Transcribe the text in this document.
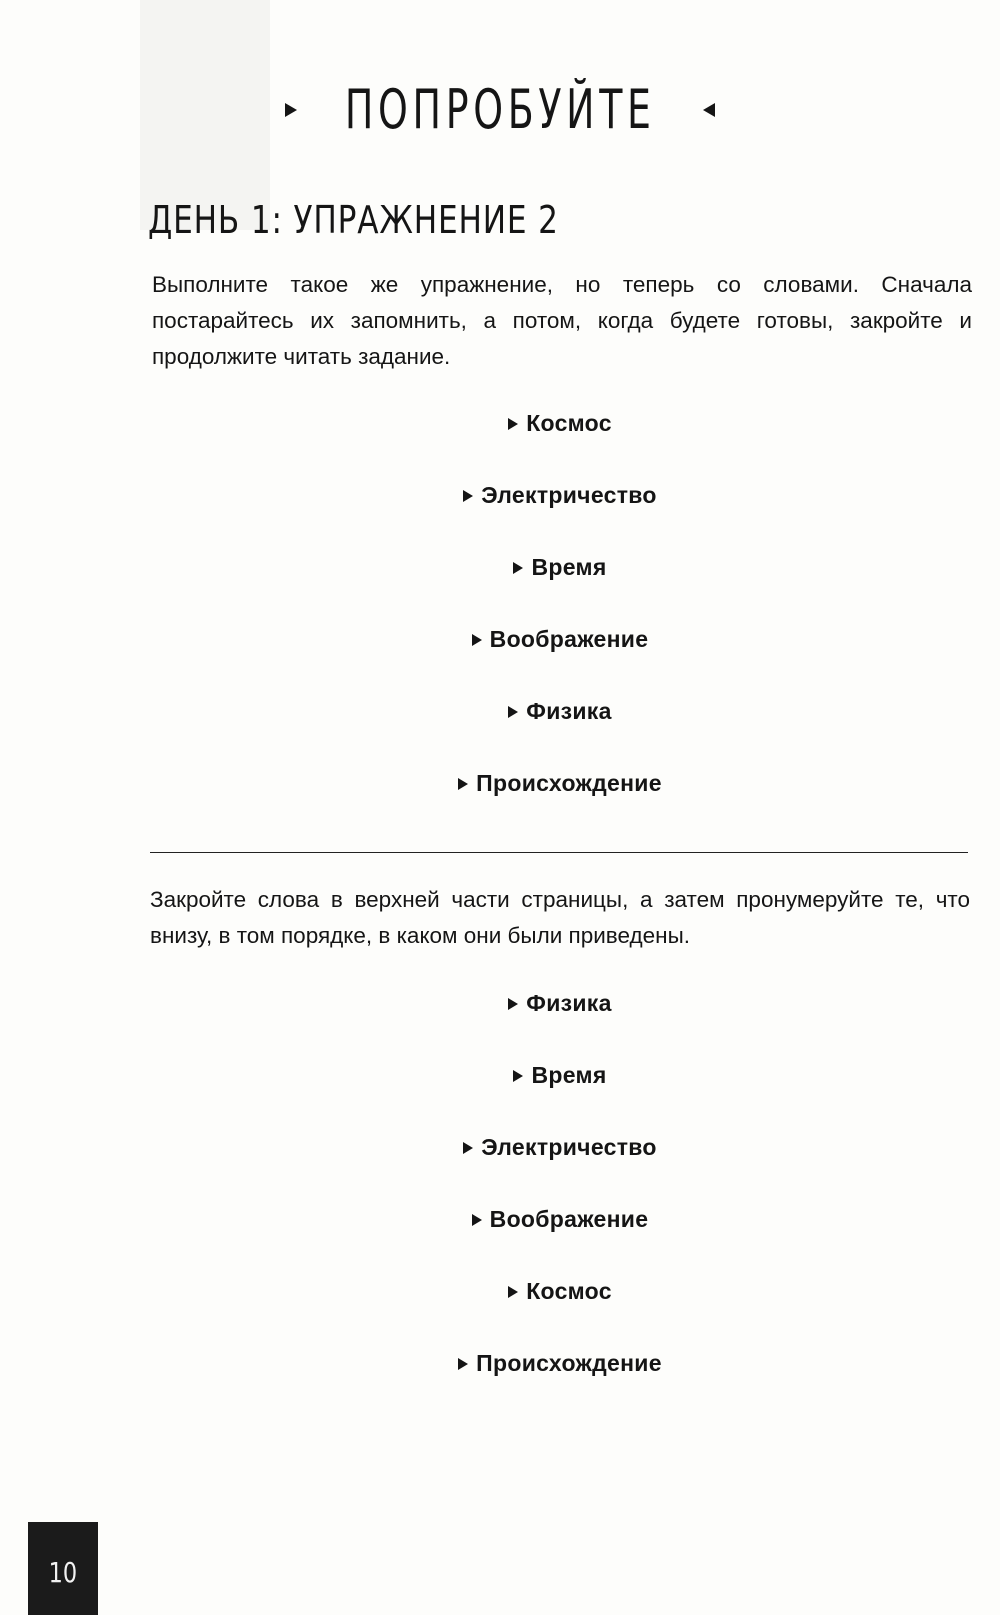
ПОПРОБУЙТЕ
ДЕНЬ 1: УПРАЖНЕНИЕ 2

Выполните такое же упражнение, но теперь со словами. Сначала постарайтесь их запомнить, а потом, когда будете готовы, закройте и продолжите читать задание.

Космос
Электричество
Время
Воображение
Физика
Происхождение

Закройте слова в верхней части страницы, а затем пронумеруйте те, что внизу, в том порядке, в каком они были приведены.

Физика
Время
Электричество
Воображение
Космос
Происхождение
10
